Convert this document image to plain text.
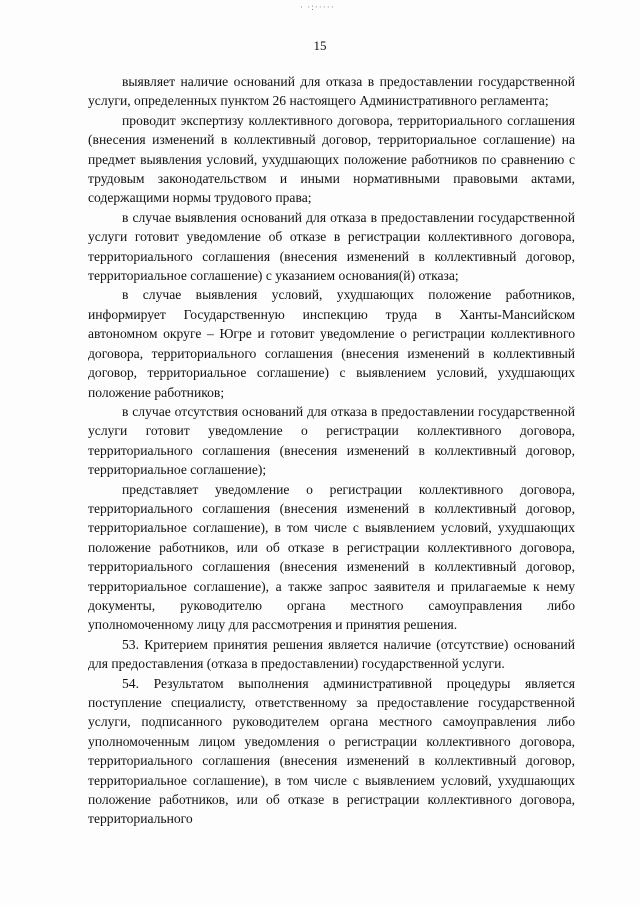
· ·:·····
15

выявляет наличие оснований для отказа в предоставлении государственной услуги, определенных пунктом 26 настоящего Административного регламента;

проводит экспертизу коллективного договора, территориального соглашения (внесения изменений в коллективный договор, территориальное соглашение) на предмет выявления условий, ухудшающих положение работников по сравнению с трудовым законодательством и иными нормативными правовыми актами, содержащими нормы трудового права;

в случае выявления оснований для отказа в предоставлении государственной услуги готовит уведомление об отказе в регистрации коллективного договора, территориального соглашения (внесения изменений в коллективный договор, территориальное соглашение) с указанием основания(й) отказа;

в случае выявления условий, ухудшающих положение работников, информирует Государственную инспекцию труда в Ханты-Мансийском автономном округе – Югре и готовит уведомление о регистрации коллективного договора, территориального соглашения (внесения изменений в коллективный договор, территориальное соглашение) с выявлением условий, ухудшающих положение работников;

в случае отсутствия оснований для отказа в предоставлении государственной услуги готовит уведомление о регистрации коллективного договора, территориального соглашения (внесения изменений в коллективный договор, территориальное соглашение);

представляет уведомление о регистрации коллективного договора, территориального соглашения (внесения изменений в коллективный договор, территориальное соглашение), в том числе с выявлением условий, ухудшающих положение работников, или об отказе в регистрации коллективного договора, территориального соглашения (внесения изменений в коллективный договор, территориальное соглашение), а также запрос заявителя и прилагаемые к нему документы, руководителю органа местного самоуправления либо уполномоченному лицу для рассмотрения и принятия решения.

53. Критерием принятия решения является наличие (отсутствие) оснований для предоставления (отказа в предоставлении) государственной услуги.

54. Результатом выполнения административной процедуры является поступление специалисту, ответственному за предоставление государственной услуги, подписанного руководителем органа местного самоуправления либо уполномоченным лицом уведомления о регистрации коллективного договора, территориального соглашения (внесения изменений в коллективный договор, территориальное соглашение), в том числе с выявлением условий, ухудшающих положение работников, или об отказе в регистрации коллективного договора, территориального
